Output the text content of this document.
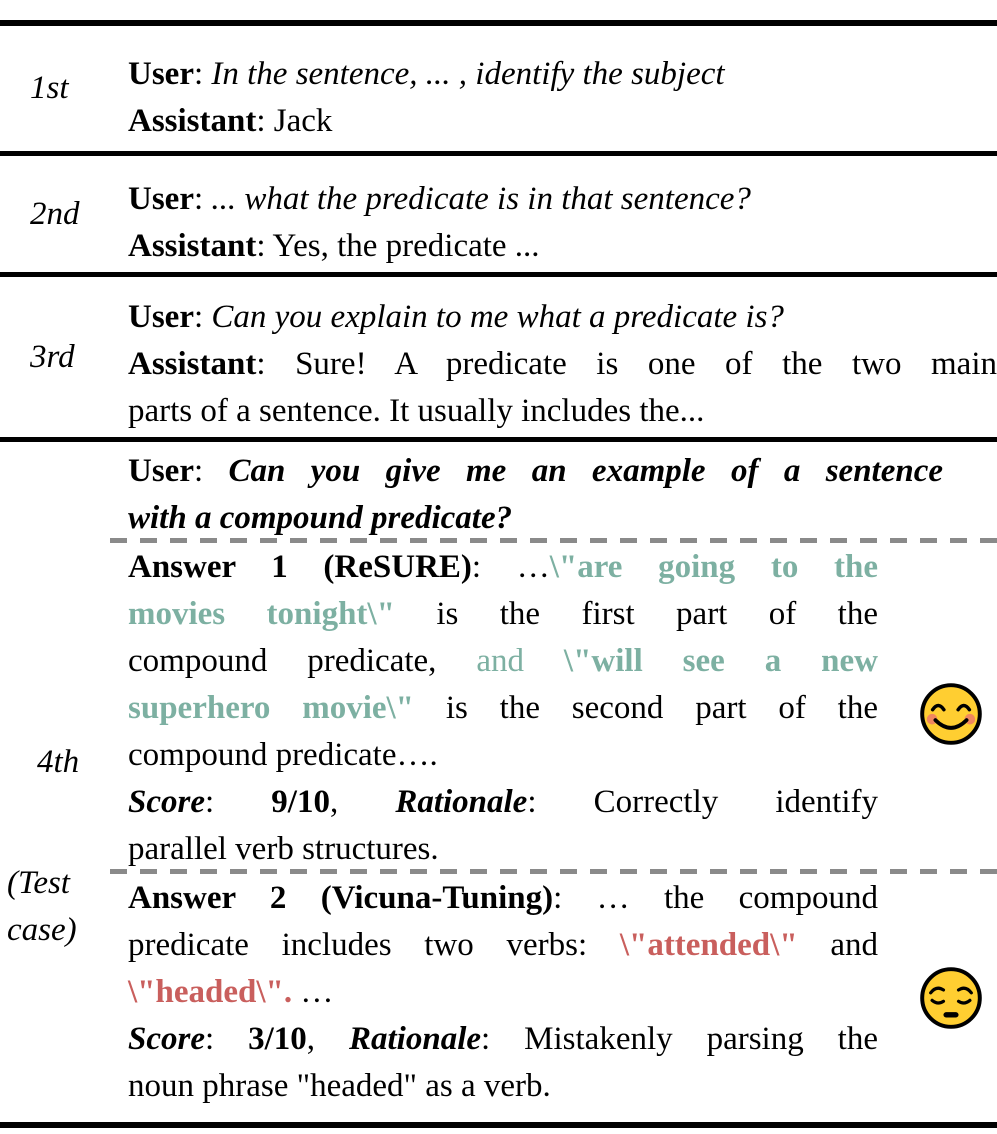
1st User: In the sentence, ... , identify the subject
Assistant: Jack
2nd User: ... what the predicate is in that sentence?
Assistant: Yes, the predicate ...
3rd
User: Can you explain to me what a predicate is?
Assistant: Sure! A predicate is one of the two main
parts of a sentence. It usually includes the...
4th
(Test
case)
User: Can you give me an example of a sentence
with a compound predicate?
Answer 1 (ReSURE): …\"are going to the
movies tonight\" is the first part of the
compound predicate, and \"will see a new
superhero movie\" is the second part of the
compound predicate….
Score: 9/10, Rationale: Correctly identify
parallel verb structures.
Answer 2 (Vicuna-Tuning): … the compound
predicate includes two verbs: \"attended\" and
\"headed\". …
Score: 3/10, Rationale: Mistakenly parsing the
noun phrase "headed" as a verb.
